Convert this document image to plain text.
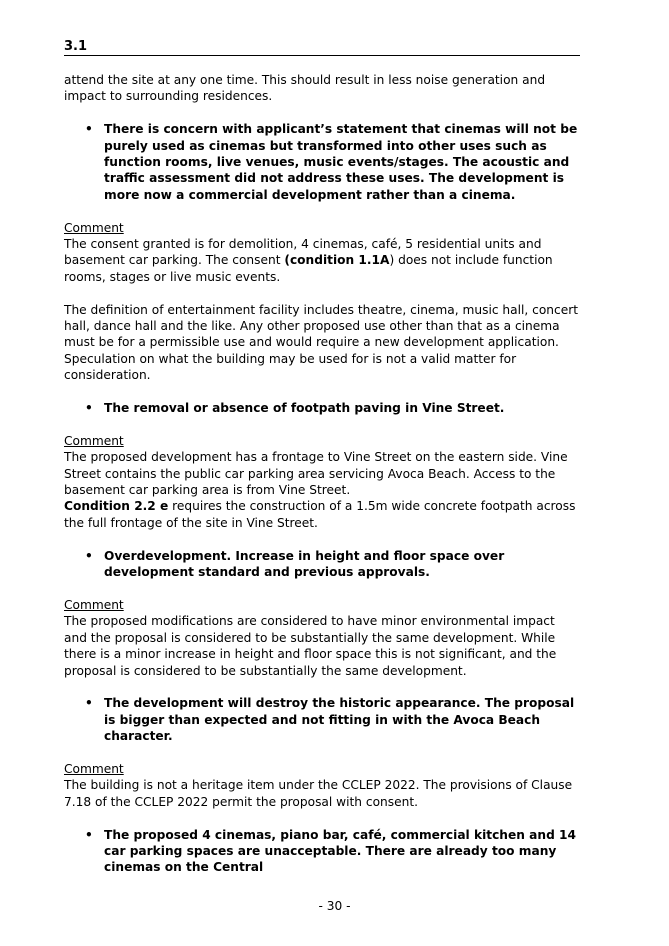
3.1

attend the site at any one time. This should result in less noise generation and impact to surrounding residences.

• There is concern with applicant’s statement that cinemas will not be purely used as cinemas but transformed into other uses such as function rooms, live venues, music events/stages. The acoustic and traffic assessment did not address these uses. The development is more now a commercial development rather than a cinema.

Comment

The consent granted is for demolition, 4 cinemas, café, 5 residential units and basement car parking. The consent (condition 1.1A) does not include function rooms, stages or live music events.

The definition of entertainment facility includes theatre, cinema, music hall, concert hall, dance hall and the like. Any other proposed use other than that as a cinema must be for a permissible use and would require a new development application. Speculation on what the building may be used for is not a valid matter for consideration.

• The removal or absence of footpath paving in Vine Street.

Comment

The proposed development has a frontage to Vine Street on the eastern side. Vine Street contains the public car parking area servicing Avoca Beach. Access to the basement car parking area is from Vine Street.

Condition 2.2 e requires the construction of a 1.5m wide concrete footpath across the full frontage of the site in Vine Street.

• Overdevelopment. Increase in height and floor space over development standard and previous approvals.

Comment

The proposed modifications are considered to have minor environmental impact and the proposal is considered to be substantially the same development. While there is a minor increase in height and floor space this is not significant, and the proposal is considered to be substantially the same development.

• The development will destroy the historic appearance. The proposal is bigger than expected and not fitting in with the Avoca Beach character.

Comment

The building is not a heritage item under the CCLEP 2022. The provisions of Clause 7.18 of the CCLEP 2022 permit the proposal with consent.

• The proposed 4 cinemas, piano bar, café, commercial kitchen and 14 car parking spaces are unacceptable. There are already too many cinemas on the Central
- 30 -
